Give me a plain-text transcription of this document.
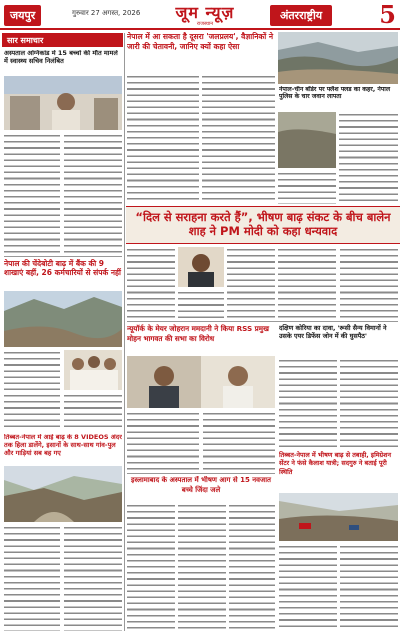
जयपुर	गुरुवार 27 अगस्त, 2026	जूम न्यूज़
राजस्थान
अंतरराष्ट्रीय	5
सार समाचार
अस्पताल अग्निकांड में 15 बच्चों की मौत मामले में स्वास्थ्य सचिव निलंबित
नेपाल की चेंदेबोटी बाढ़ में बैंक की 9 शाखाएं बहीं, 26 कर्मचारियों से संपर्क नहीं
तिब्बत-नेपाल में आई बाढ़ के 8 VIDEOS अंदर तक हिला डालेंगे, इसानों के साथ-साथ गांव-पुल और गाड़ियां सब बह गए
नेपाल में आ सकता है दूसरा 'जलप्रलय', वैज्ञानिकों ने जारी की चेतावनी, जानिए क्यों कहा ऐसा
नेपाल-चीन बॉर्डर पर फ्लैश फ्लड का कहर, नेपाल पुलिस के चार जवान लापता
“दिल से सराहना करते हैं”, भीषण बाढ़ संकट के बीच बालेन शाह ने PM मोदी को कहा धन्यवाद
न्यूयॉर्क के मेयर जोहरान ममदानी ने किया RSS प्रमुख मोहन भागवत की सभा का विरोध
दक्षिण कोरिया का दावा, 'रूसी सैन्य विमानों ने उसके एयर डिफेंस जोन में की घुसपैठ'
तिब्बत-नेपाल में भीषण बाढ़ से तबाही, इमिग्रेशन सेंटर ने फंसे कैलाश यात्री; सदगुरु ने बताई पूरी स्थिति
इस्लामाबाद के अस्पताल में भीषण आग से 15 नवजात बच्चे जिंदा जले
